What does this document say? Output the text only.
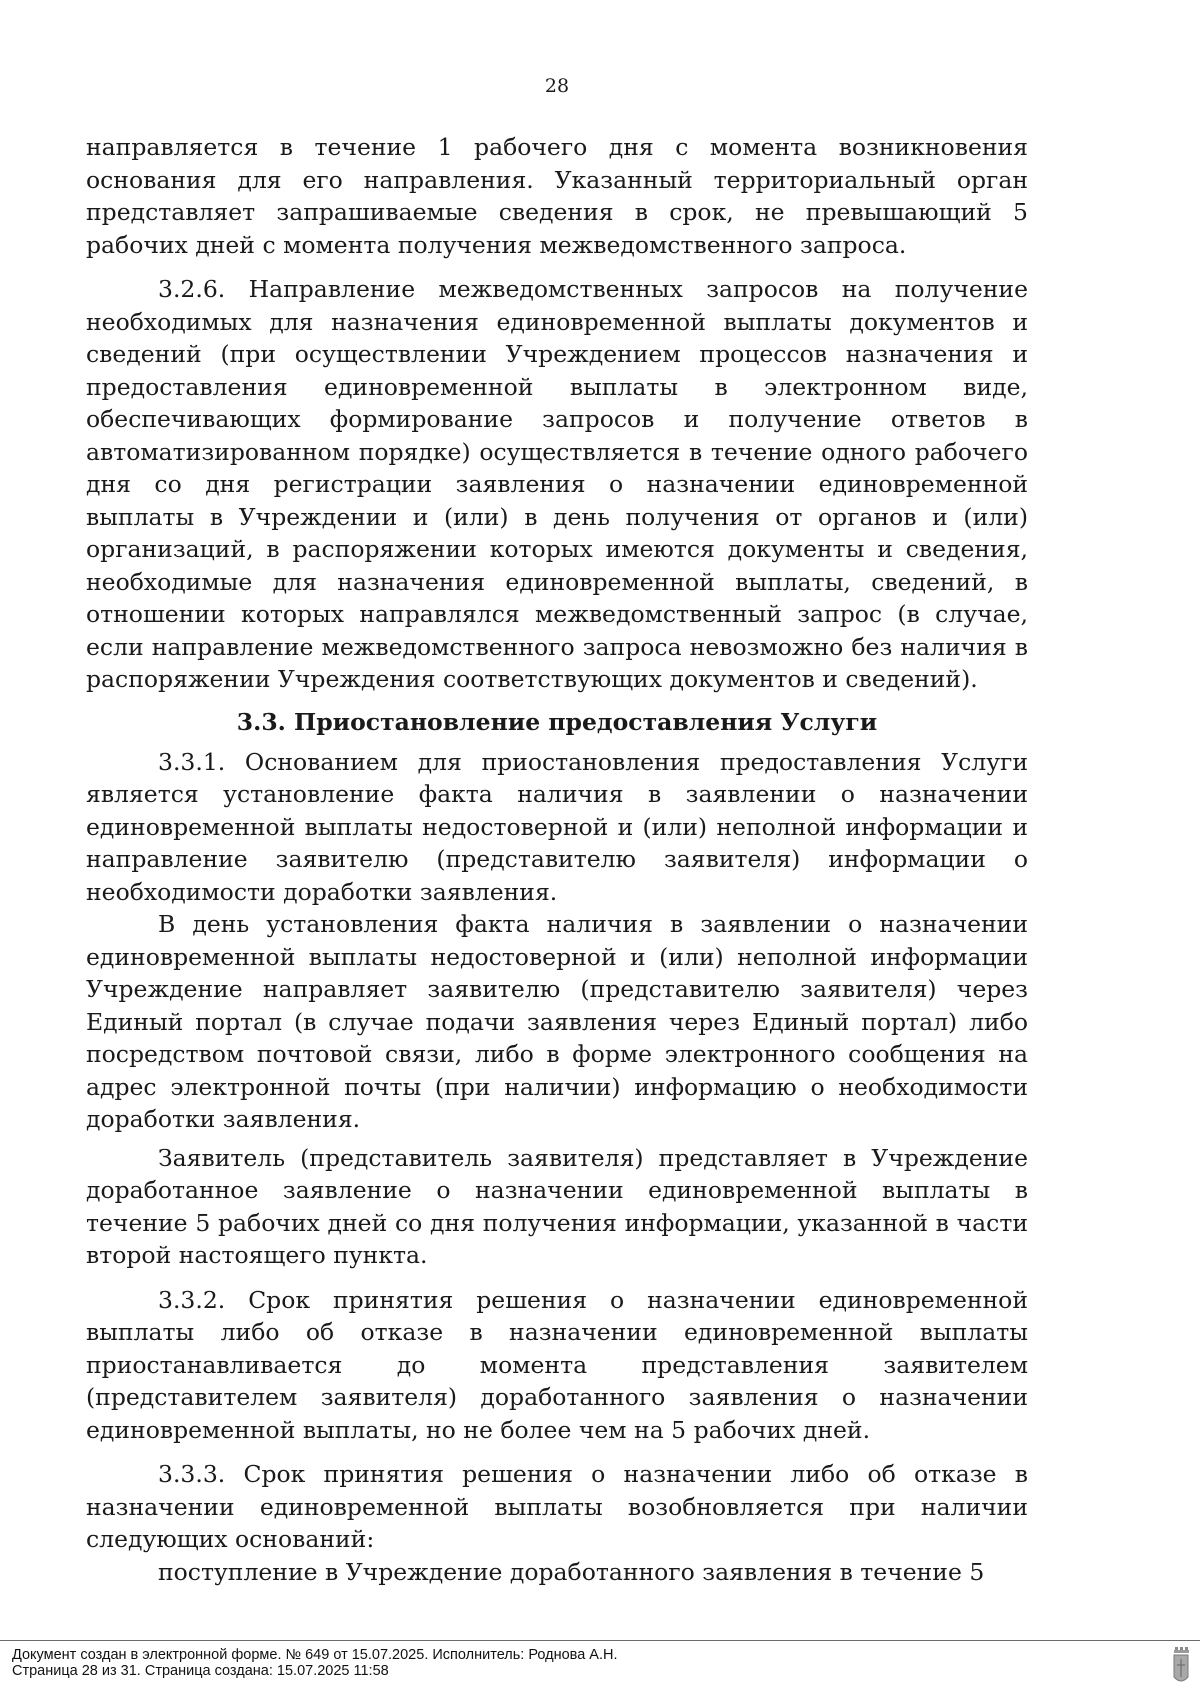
28

направляется в течение 1 рабочего дня с момента возникновения основания для его направления. Указанный территориальный орган представляет запрашиваемые сведения в срок, не превышающий 5 рабочих дней с момента получения межведомственного запроса.

3.2.6. Направление межведомственных запросов на получение необходимых для назначения единовременной выплаты документов и сведений (при осуществлении Учреждением процессов назначения и предоставления единовременной выплаты в электронном виде, обеспечивающих формирование запросов и получение ответов в автоматизированном порядке) осуществляется в течение одного рабочего дня со дня регистрации заявления о назначении единовременной выплаты в Учреждении и (или) в день получения от органов и (или) организаций, в распоряжении которых имеются документы и сведения, необходимые для назначения единовременной выплаты, сведений, в отношении которых направлялся межведомственный запрос (в случае, если направление межведомственного запроса невозможно без наличия в распоряжении Учреждения соответствующих документов и сведений).

3.3. Приостановление предоставления Услуги

3.3.1. Основанием для приостановления предоставления Услуги является установление факта наличия в заявлении о назначении единовременной выплаты недостоверной и (или) неполной информации и направление заявителю (представителю заявителя) информации о необходимости доработки заявления.

В день установления факта наличия в заявлении о назначении единовременной выплаты недостоверной и (или) неполной информации Учреждение направляет заявителю (представителю заявителя) через Единый портал (в случае подачи заявления через Единый портал) либо посредством почтовой связи, либо в форме электронного сообщения на адрес электронной почты (при наличии) информацию о необходимости доработки заявления.

Заявитель (представитель заявителя) представляет в Учреждение доработанное заявление о назначении единовременной выплаты в течение 5 рабочих дней со дня получения информации, указанной в части второй настоящего пункта.

3.3.2. Срок принятия решения о назначении единовременной выплаты либо об отказе в назначении единовременной выплаты приостанавливается до момента представления заявителем (представителем заявителя) доработанного заявления о назначении единовременной выплаты, но не более чем на 5 рабочих дней.

3.3.3. Срок принятия решения о назначении либо об отказе в назначении единовременной выплаты возобновляется при наличии следующих оснований:

поступление в Учреждение доработанного заявления в течение 5

Документ создан в электронной форме. № 649 от 15.07.2025. Исполнитель: Роднова А.Н.
Страница 28 из 31. Страница создана: 15.07.2025 11:58
